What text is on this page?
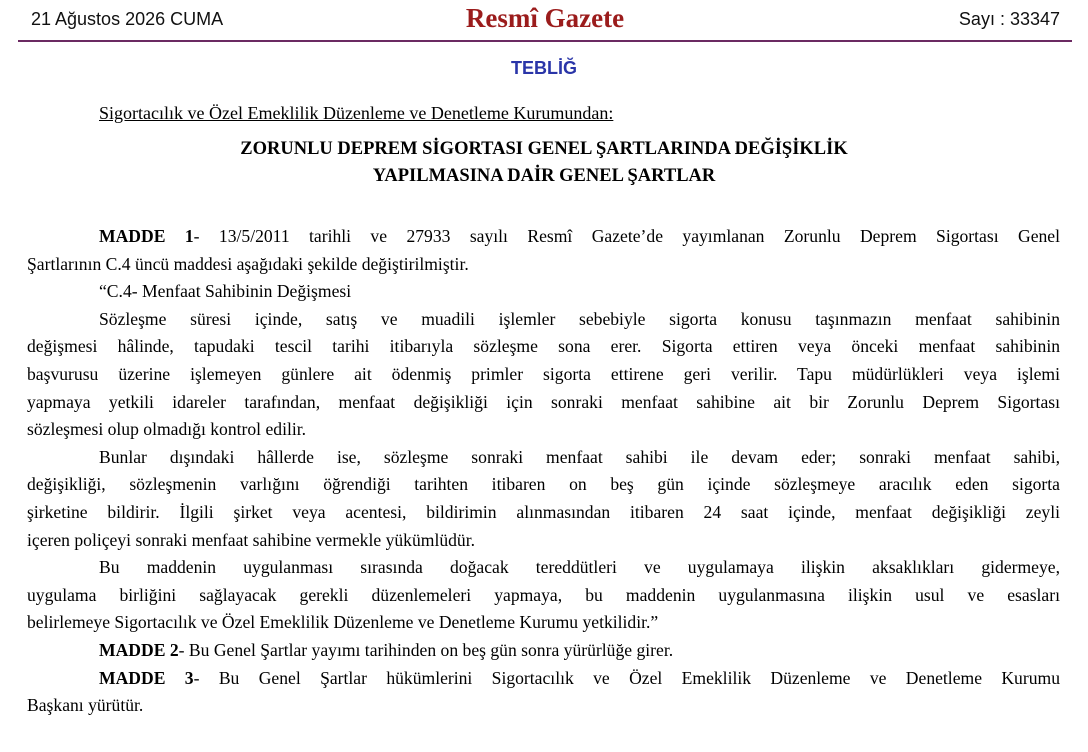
21 Ağustos 2026 CUMA	Resmî Gazete	Sayı : 33347
TEBLİĞ
Sigortacılık ve Özel Emeklilik Düzenleme ve Denetleme Kurumundan:
ZORUNLU DEPREM SİGORTASI GENEL ŞARTLARINDA DEĞİŞİKLİK
YAPILMASINA DAİR GENEL ŞARTLAR
MADDE 1- 13/5/2011 tarihli ve 27933 sayılı Resmî Gazete’de yayımlanan Zorunlu Deprem Sigortası Genel
Şartlarının C.4 üncü maddesi aşağıdaki şekilde değiştirilmiştir.
“C.4- Menfaat Sahibinin Değişmesi
Sözleşme süresi içinde, satış ve muadili işlemler sebebiyle sigorta konusu taşınmazın menfaat sahibinin
değişmesi hâlinde, tapudaki tescil tarihi itibarıyla sözleşme sona erer. Sigorta ettiren veya önceki menfaat sahibinin
başvurusu üzerine işlemeyen günlere ait ödenmiş primler sigorta ettirene geri verilir. Tapu müdürlükleri veya işlemi
yapmaya yetkili idareler tarafından, menfaat değişikliği için sonraki menfaat sahibine ait bir Zorunlu Deprem Sigortası
sözleşmesi olup olmadığı kontrol edilir.
Bunlar dışındaki hâllerde ise, sözleşme sonraki menfaat sahibi ile devam eder; sonraki menfaat sahibi,
değişikliği, sözleşmenin varlığını öğrendiği tarihten itibaren on beş gün içinde sözleşmeye aracılık eden sigorta
şirketine bildirir. İlgili şirket veya acentesi, bildirimin alınmasından itibaren 24 saat içinde, menfaat değişikliği zeyli
içeren poliçeyi sonraki menfaat sahibine vermekle yükümlüdür.
Bu maddenin uygulanması sırasında doğacak tereddütleri ve uygulamaya ilişkin aksaklıkları gidermeye,
uygulama birliğini sağlayacak gerekli düzenlemeleri yapmaya, bu maddenin uygulanmasına ilişkin usul ve esasları
belirlemeye Sigortacılık ve Özel Emeklilik Düzenleme ve Denetleme Kurumu yetkilidir.”
MADDE 2- Bu Genel Şartlar yayımı tarihinden on beş gün sonra yürürlüğe girer.
MADDE 3- Bu Genel Şartlar hükümlerini Sigortacılık ve Özel Emeklilik Düzenleme ve Denetleme Kurumu
Başkanı yürütür.
